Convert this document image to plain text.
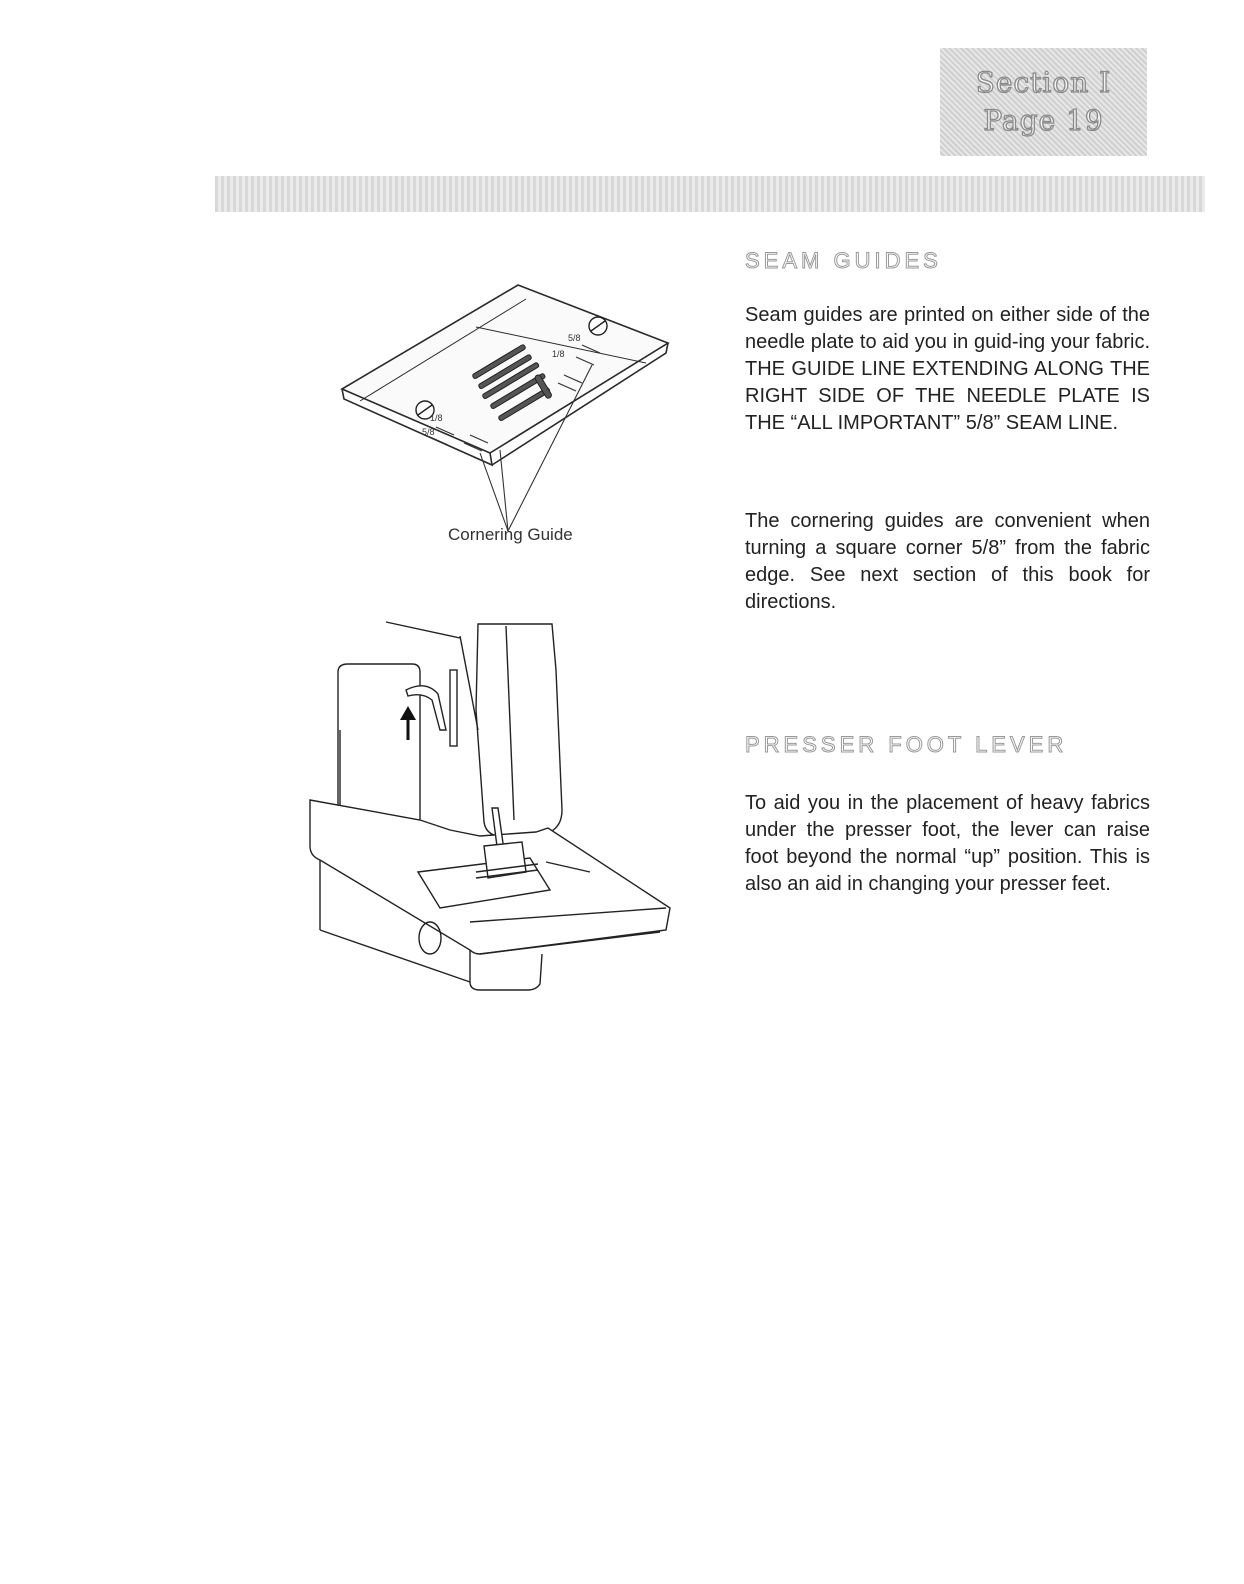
Section I
Page 19
5/8
1/8
1/8
5/8
Cornering Guide
SEAM GUIDES

Seam guides are printed on either side of the needle plate to aid you in guid-ing your fabric. THE GUIDE LINE EXTENDING ALONG THE RIGHT SIDE OF THE NEEDLE PLATE IS THE “ALL IMPORTANT” 5/8” SEAM LINE.

The cornering guides are convenient when turning a square corner 5/8” from the fabric edge. See next section of this book for directions.

PRESSER FOOT LEVER

To aid you in the placement of heavy fabrics under the presser foot, the lever can raise foot beyond the normal “up” position. This is also an aid in changing your presser feet.
